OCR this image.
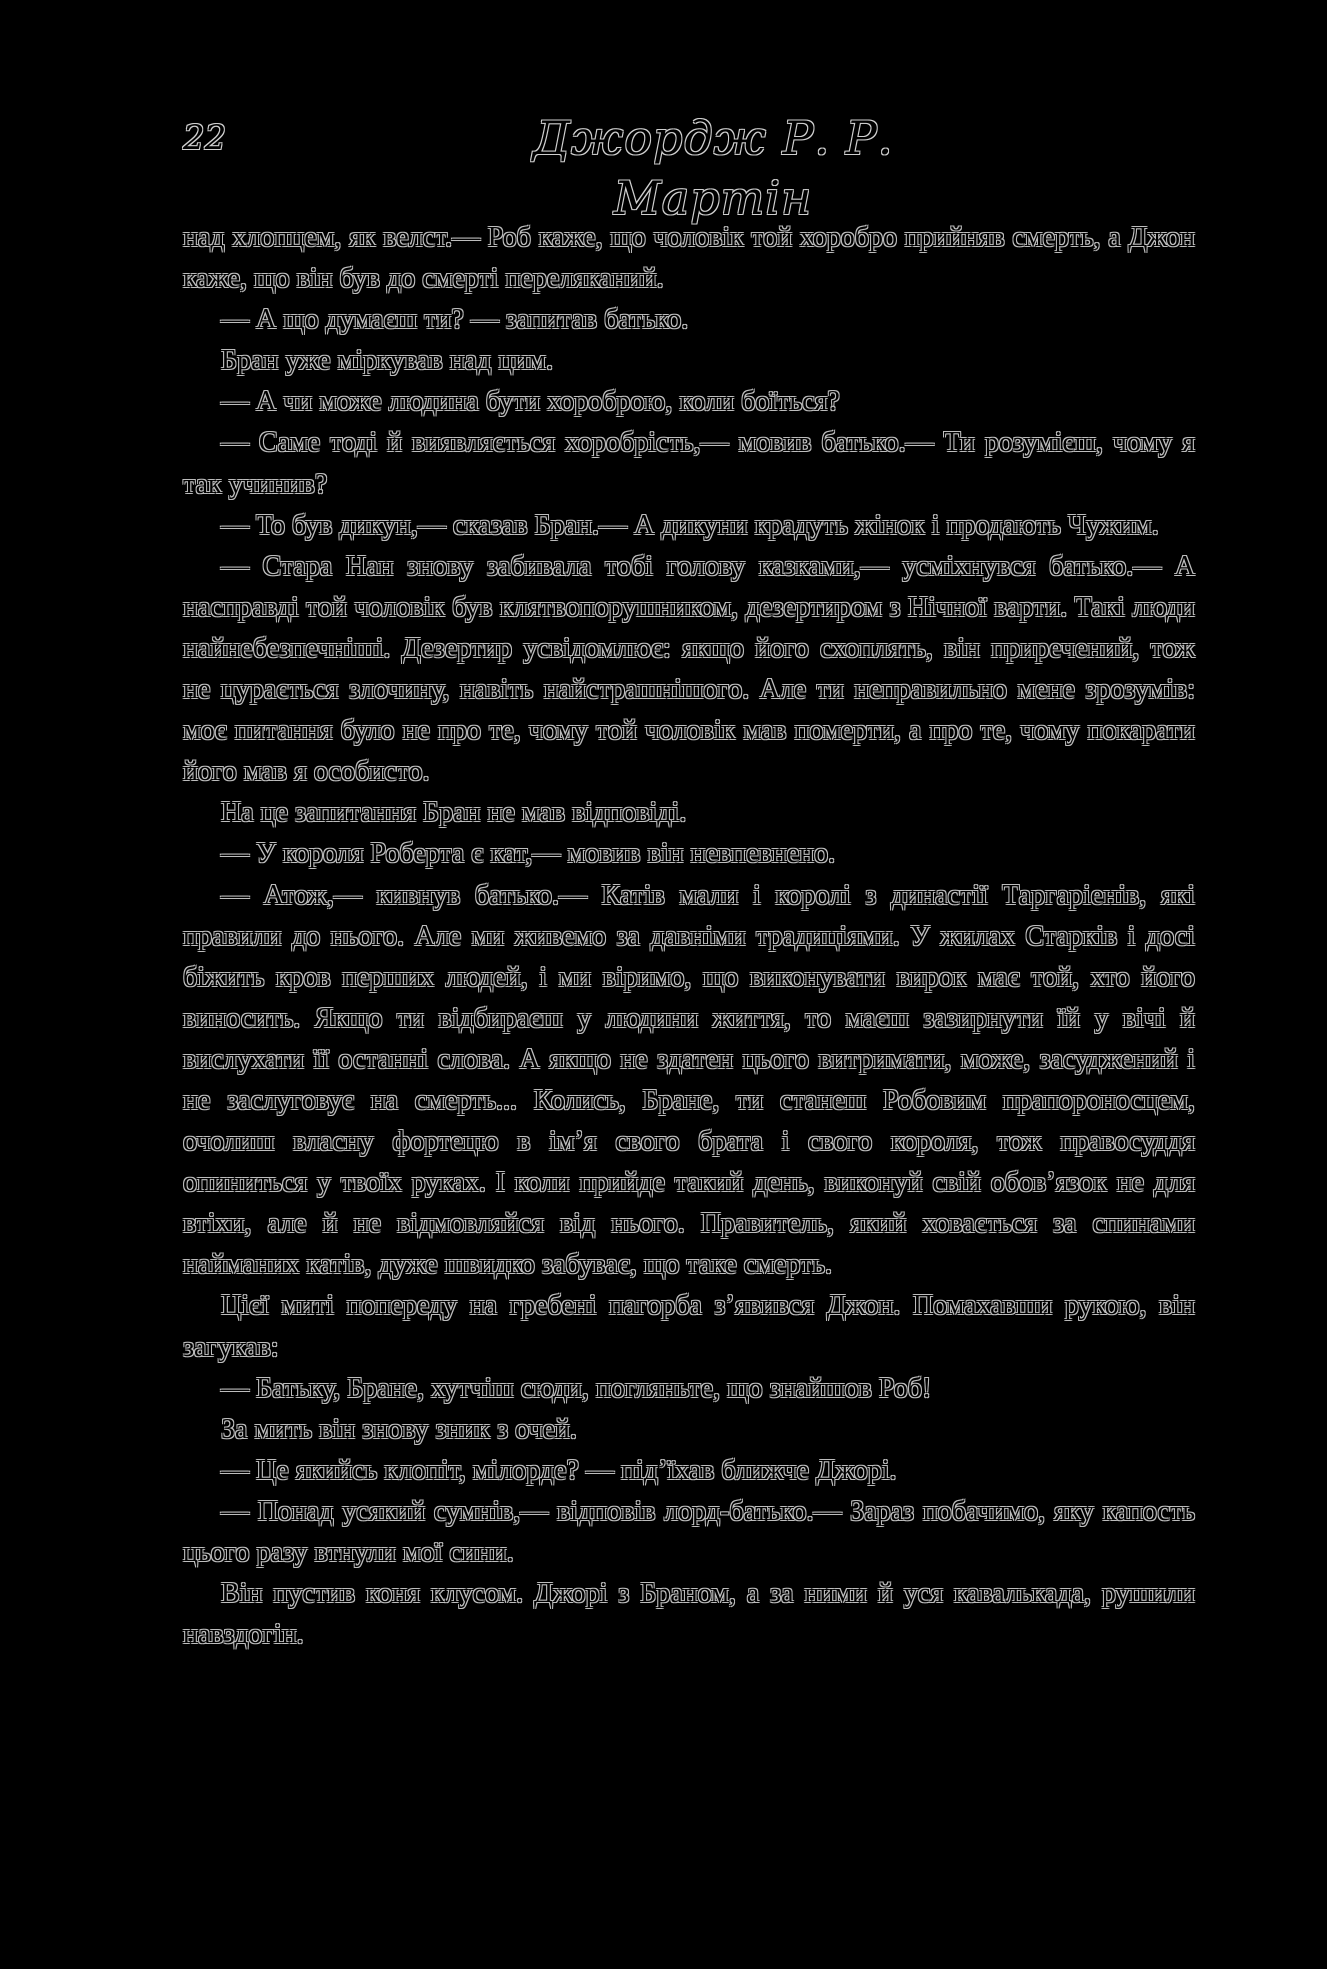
22	Джордж Р. Р. Мартін

над хлопцем, як велст.— Роб каже, що чоловік той хоробро прийняв смерть, а Джон каже, що він був до смерті переляканий.

— А що думаєш ти? — запитав батько.

Бран уже міркував над цим.

— А чи може людина бути хороброю, коли боїться?

— Саме тоді й виявляється хоробрість,— мовив батько.— Ти розумієш, чому я так учинив?

— То був дикун,— сказав Бран.— А дикуни крадуть жінок і продають Чужим.

— Стара Нан знову забивала тобі голову казками,— усміхнувся батько.— А насправді той чоловік був клятвопорушником, дезертиром з Нічної варти. Такі люди найнебезпечніші. Дезертир усвідомлює: якщо його схоплять, він приречений, тож не цурається злочину, навіть найстрашнішого. Але ти неправильно мене зрозумів: моє питання було не про те, чому той чоловік мав померти, а про те, чому покарати його мав я особисто.

На це запитання Бран не мав відповіді.

— У короля Роберта є кат,— мовив він невпевнено.

— Атож,— кивнув батько.— Катів мали і королі з династії Таргаріенів, які правили до нього. Але ми живемо за давніми традиціями. У жилах Старків і досі біжить кров перших людей, і ми віримо, що виконувати вирок має той, хто його виносить. Якщо ти відбираєш у людини життя, то маєш зазирнути їй у вічі й вислухати її останні слова. А якщо не здатен цього витримати, може, засуджений і не заслуговує на смерть... Колись, Бране, ти станеш Робовим прапороносцем, очолиш власну фортецю в ім’я свого брата і свого короля, тож правосуддя опиниться у твоїх руках. І коли прийде такий день, виконуй свій обов’язок не для втіхи, але й не відмовляйся від нього. Правитель, який ховається за спинами найманих катів, дуже швидко забуває, що таке смерть.

Цієї миті попереду на гребені пагорба з’явився Джон. Помахавши рукою, він загукав:

— Батьку, Бране, хутчіш сюди, погляньте, що знайшов Роб!

За мить він знову зник з очей.

— Це якийсь клопіт, мілорде? — під’їхав ближче Джорі.

— Понад усякий сумнів,— відповів лорд-батько.— Зараз побачимо, яку капость цього разу втнули мої сини.

Він пустив коня клусом. Джорі з Браном, а за ними й уся кавалькада, рушили навздогін.
